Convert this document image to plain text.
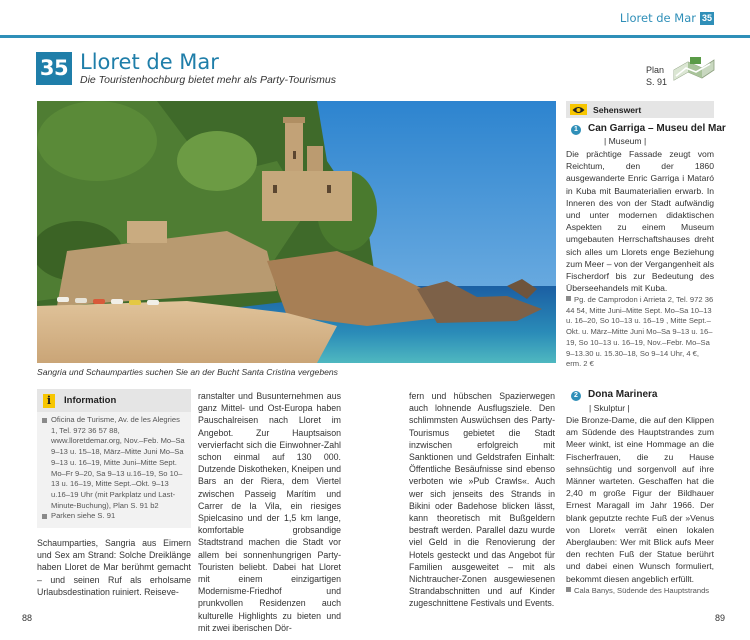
Lloret de Mar 35
35 Lloret de Mar
Die Touristenhochburg bietet mehr als Party-Tourismus
Plan
S. 91
Sangria und Schaumparties suchen Sie an der Bucht Santa Cristina vergebens
i	Information
Oficina de Turisme, Av. de les Alegries 1, Tel. 972 36 57 88, www.lloretdemar.org, Nov.–Feb. Mo–Sa 9–13 u. 15–18, März–Mitte Juni Mo–Sa 9–13 u. 16–19, Mitte Juni–Mitte Sept. Mo–Fr 9–20, Sa 9–13 u.16–19, So 10–13 u. 16–19, Mitte Sept.–Okt. 9–13 u.16–19 Uhr (mit Parkplatz und Last-Minute-Buchung), Plan S. 91 b2
Parken siehe S. 91
Schaumparties, Sangria aus Eimern und Sex am Strand: Solche Dreiklänge haben Lloret de Mar berühmt gemacht – und seinen Ruf als erholsame Urlaubsdestination ruiniert. Reiseve-
ranstalter und Busunternehmen aus ganz Mittel- und Ost-Europa haben Pauschalreisen nach Lloret im Angebot. Zur Hauptsaison vervierfacht sich die Einwohner-Zahl schon einmal auf 130 000. Dutzende Diskotheken, Kneipen und Bars an der Riera, dem Viertel zwischen Passeig Marítim und Carrer de la Vila, ein riesiges Spielcasino und der 1,5 km lange, komfortable grobsandige Stadtstrand machen die Stadt vor allem bei sonnenhungrigen Party-Touristen beliebt. Dabei hat Lloret mit einem einzigartigen Modernisme-Friedhof und prunkvollen Residenzen auch kulturelle Highlights zu bieten und mit zwei iberischen Dör-
fern und hübschen Spazierwegen auch lohnende Ausflugsziele. Den schlimmsten Auswüchsen des Party-Tourismus gebietet die Stadt inzwischen erfolgreich mit Sanktionen und Geldstrafen Einhalt: Öffentliche Besäufnisse sind ebenso verboten wie »Pub Crawls«. Auch wer sich jenseits des Strands in Bikini oder Badehose blicken lässt, kann theoretisch mit Bußgeldern bestraft werden. Parallel dazu wurde viel Geld in die Renovierung der Hotels gesteckt und das Angebot für Familien ausgeweitet – mit als Nichtraucher-Zonen ausgewiesenen Strandabschnitten und auf Kinder zugeschnittene Festivals und Events.
Sehenswert
1	Can Garriga – Museu del Mar
| Museum |
Die prächtige Fassade zeugt vom Reichtum, den der 1860 ausgewanderte Enric Garriga i Mataró in Kuba mit Baumaterialien erwarb. In Inneren des von der Stadt aufwändig und unter modernen didaktischen Aspekten zu einem Museum umgebauten Herrschaftshauses dreht sich alles um Llorets enge Beziehung zum Meer – von der Vergangenheit als Fischerdorf bis zur Bedeutung des Überseehandels mit Kuba.
Pg. de Camprodon i Arrieta 2, Tel. 972 36 44 54, Mitte Juni–Mitte Sept. Mo–Sa 10–13 u. 16–20, So 10–13 u. 16–19 , Mitte Sept.–Okt. u. März–Mitte Juni Mo–Sa 9–13 u. 16–19, So 10–13 u. 16–19, Nov.–Febr. Mo–Sa 9–13.30 u. 15.30–18, So 9–14 Uhr, 4 €, erm. 2 €
2	Dona Marinera
| Skulptur |
Die Bronze-Dame, die auf den Klippen am Südende des Hauptstrandes zum Meer winkt, ist eine Hommage an die Fischerfrauen, die zu Hause sehnsüchtig und sorgenvoll auf ihre Männer warteten. Geschaffen hat die 2,40 m große Figur der Bildhauer Ernest Maragall im Jahr 1966. Der blank geputzte rechte Fuß der »Venus von Lloret« verrät einen lokalen Aberglauben: Wer mit Blick aufs Meer den rechten Fuß der Statue berührt und dabei einen Wunsch formuliert, bekommt diesen angeblich erfüllt.
Cala Banys, Südende des Hauptstrands
88	89
